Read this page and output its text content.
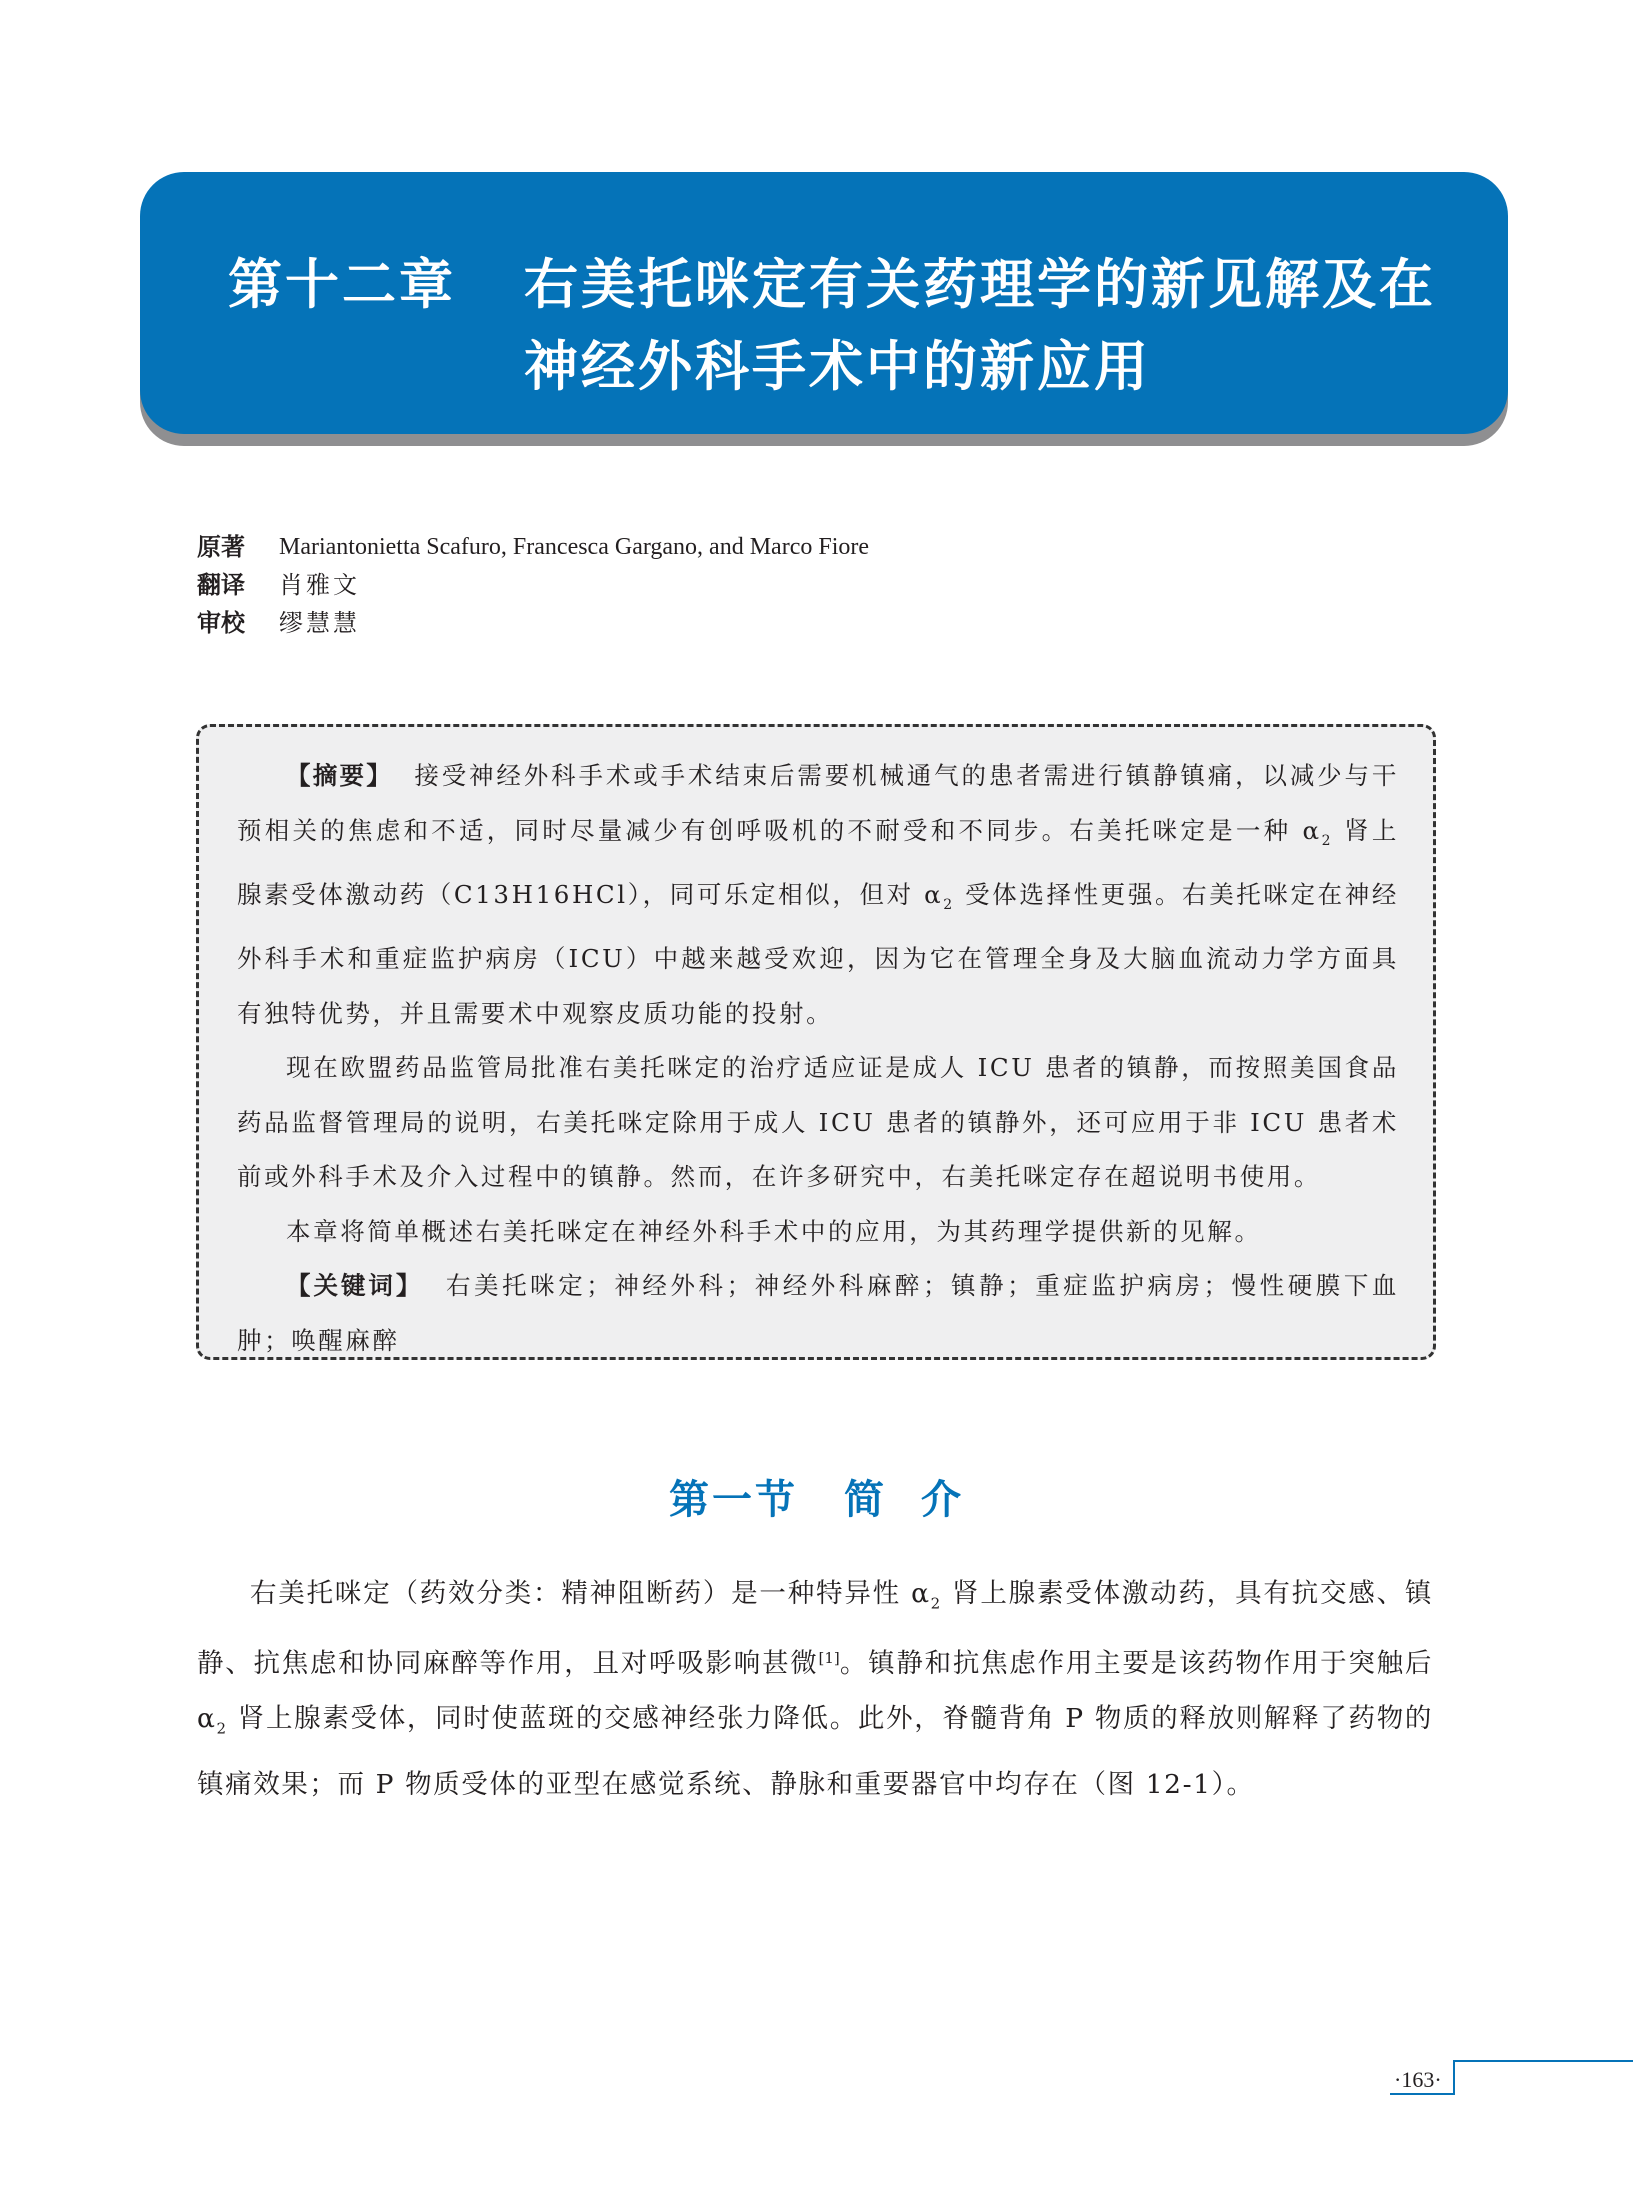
第十二章 右美托咪定有关药理学的新见解及在
神经外科手术中的新应用
原著	Mariantonietta Scafuro, Francesca Gargano, and Marco Fiore
翻译	肖雅文
审校	缪慧慧

【摘要】 接受神经外科手术或手术结束后需要机械通气的患者需进行镇静镇痛，以减少与干预相关的焦虑和不适，同时尽量减少有创呼吸机的不耐受和不同步。右美托咪定是一种 $\alpha_2$ 肾上腺素受体激动药（C13H16HCl），同可乐定相似，但对 $\alpha_2$ 受体选择性更强。右美托咪定在神经外科手术和重症监护病房（ICU）中越来越受欢迎，因为它在管理全身及大脑血流动力学方面具有独特优势，并且需要术中观察皮质功能的投射。

现在欧盟药品监管局批准右美托咪定的治疗适应证是成人 ICU 患者的镇静，而按照美国食品药品监督管理局的说明，右美托咪定除用于成人 ICU 患者的镇静外，还可应用于非 ICU 患者术前或外科手术及介入过程中的镇静。然而，在许多研究中，右美托咪定存在超说明书使用。

本章将简单概述右美托咪定在神经外科手术中的应用，为其药理学提供新的见解。

【关键词】 右美托咪定；神经外科；神经外科麻醉；镇静；重症监护病房；慢性硬膜下血肿；唤醒麻醉

第一节 简 介

右美托咪定（药效分类：精神阻断药）是一种特异性 $\alpha_2$ 肾上腺素受体激动药，具有抗交感、镇静、抗焦虑和协同麻醉等作用，且对呼吸影响甚微[1]。镇静和抗焦虑作用主要是该药物作用于突触后 $\alpha_2$ 肾上腺素受体，同时使蓝斑的交感神经张力降低。此外，脊髓背角 P 物质的释放则解释了药物的镇痛效果；而 P 物质受体的亚型在感觉系统、静脉和重要器官中均存在（图 12-1）。

·163·
